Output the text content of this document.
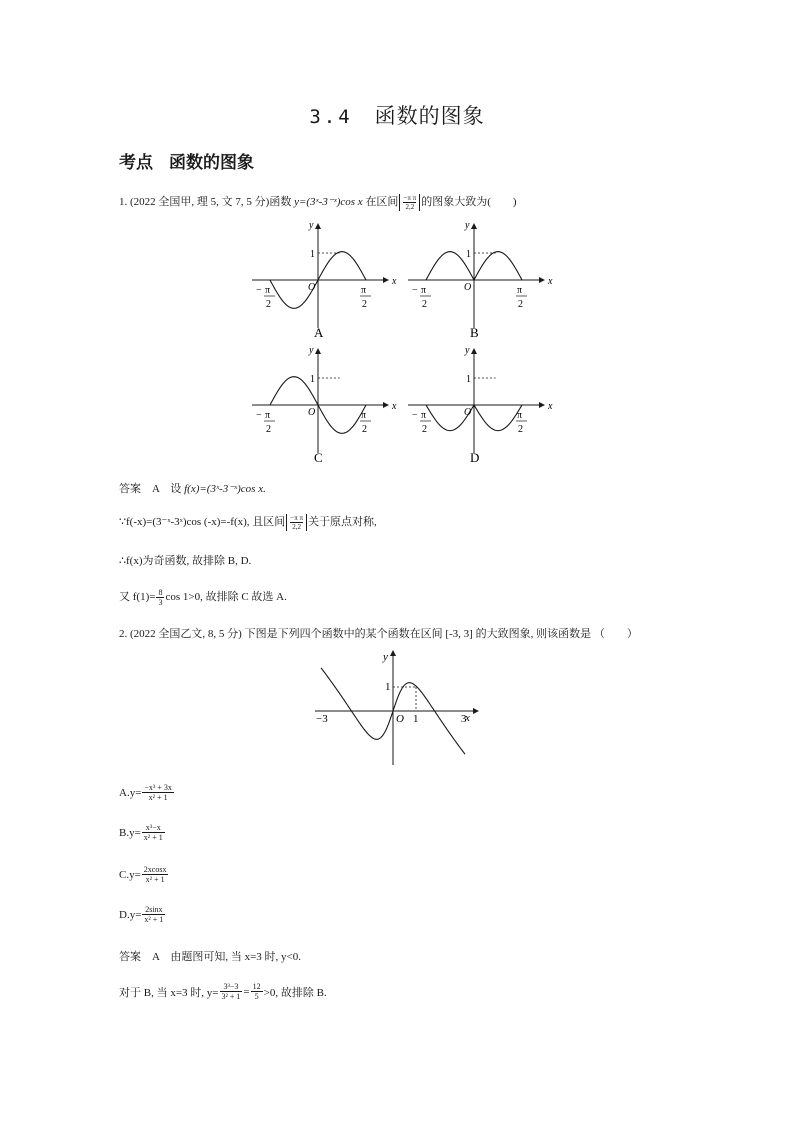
3.4 函数的图象
考点 函数的图象
1. (2022 全国甲, 理 5, 文 7, 5 分)函数 y=(3ˣ-3⁻ˣ)cos x 在区间 $\frac{\text{−π π}}{2,2}$ 的图象大致为(　　)
x
y
O
1
− π
2
π
2
A
x
y
O
1
− π
2
π
2
B
x
y
O
1
− π
2
π
2
C
x
y
O
1
− π
2
π
2
D
答案　A　设 f(x)=(3ˣ-3⁻ˣ)cos x.
∵f(-x)=(3⁻ˣ-3ˣ)cos (-x)=-f(x), 且区间 $\frac{\text{−π π}}{2,2}$ 关于原点对称,
∴f(x)为奇函数, 故排除 B, D.
又 $f(1)= \frac{8}{3}$ cos 1>0, 故排除 C 故选 A.
2. (2022 全国乙文, 8, 5 分) 下图是下列四个函数中的某个函数在区间 [-3, 3] 的大致图象, 则该函数是 （　　）
x
y
O
−3	1	3
1
$A.y= \frac{\text{−x³ + 3x}}{\text{x² + 1}}$
$B.y= \frac{\text{x³−x}}{\text{x² + 1}}$
$C.y= \frac{2xcosx}{\text{x² + 1}}$
$D.y= \frac{2\sin x}{\text{x² + 1}}$
答案　A　由题图可知, 当 x=3 时, y<0.
对于 B, 当 x=3 时, $y= \frac{\text{3³−3}}{\text{3² + 1}} = \frac{12}{5} >0$, 故排除 B.
